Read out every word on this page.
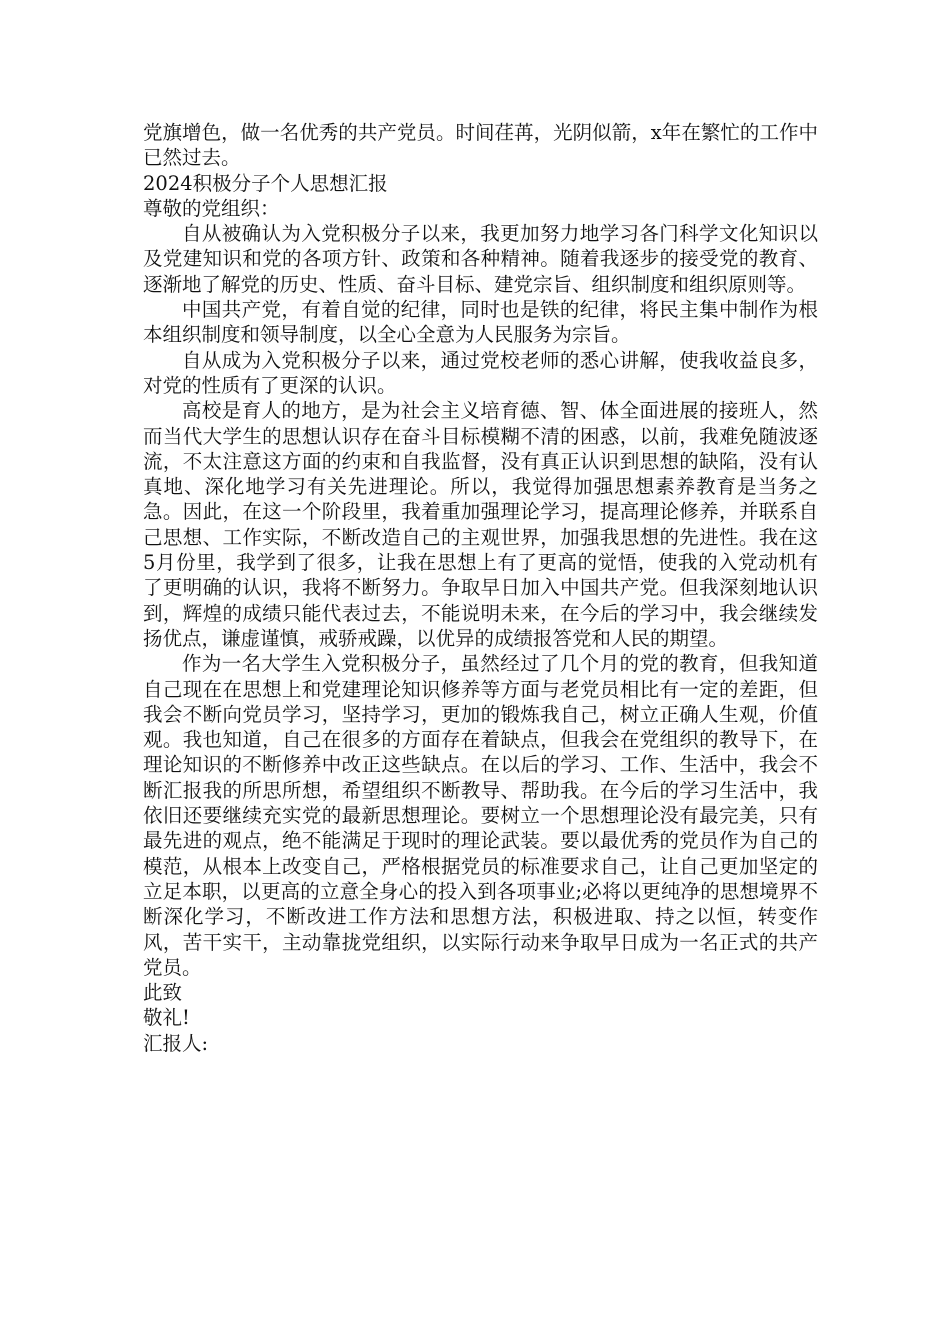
党旗增色，做一名优秀的共产党员。时间荏苒，光阴似箭，x年在繁忙的工作中已然过去。

2024积极分子个人思想汇报

尊敬的党组织：

自从被确认为入党积极分子以来，我更加努力地学习各门科学文化知识以及党建知识和党的各项方针、政策和各种精神。随着我逐步的接受党的教育、逐渐地了解党的历史、性质、奋斗目标、建党宗旨、组织制度和组织原则等。

中国共产党，有着自觉的纪律，同时也是铁的纪律，将民主集中制作为根本组织制度和领导制度，以全心全意为人民服务为宗旨。

自从成为入党积极分子以来，通过党校老师的悉心讲解，使我收益良多，对党的性质有了更深的认识。

高校是育人的地方，是为社会主义培育德、智、体全面进展的接班人，然而当代大学生的思想认识存在奋斗目标模糊不清的困惑，以前，我难免随波逐流，不太注意这方面的约束和自我监督，没有真正认识到思想的缺陷，没有认真地、深化地学习有关先进理论。所以，我觉得加强思想素养教育是当务之急。因此，在这一个阶段里，我着重加强理论学习，提高理论修养，并联系自己思想、工作实际，不断改造自己的主观世界，加强我思想的先进性。我在这5月份里，我学到了很多，让我在思想上有了更高的觉悟，使我的入党动机有了更明确的认识，我将不断努力。争取早日加入中国共产党。但我深刻地认识到，辉煌的成绩只能代表过去，不能说明未来，在今后的学习中，我会继续发扬优点，谦虚谨慎，戒骄戒躁，以优异的成绩报答党和人民的期望。

作为一名大学生入党积极分子，虽然经过了几个月的党的教育，但我知道自己现在在思想上和党建理论知识修养等方面与老党员相比有一定的差距，但我会不断向党员学习，坚持学习，更加的锻炼我自己，树立正确人生观，价值观。我也知道，自己在很多的方面存在着缺点，但我会在党组织的教导下，在理论知识的不断修养中改正这些缺点。在以后的学习、工作、生活中，我会不断汇报我的所思所想，希望组织不断教导、帮助我。在今后的学习生活中，我依旧还要继续充实党的最新思想理论。要树立一个思想理论没有最完美，只有最先进的观点，绝不能满足于现时的理论武装。要以最优秀的党员作为自己的模范，从根本上改变自己，严格根据党员的标准要求自己，让自己更加坚定的立足本职，以更高的立意全身心的投入到各项事业;必将以更纯净的思想境界不断深化学习，不断改进工作方法和思想方法，积极进取、持之以恒，转变作风，苦干实干，主动靠拢党组织，以实际行动来争取早日成为一名正式的共产党员。

此致

敬礼!

汇报人:
